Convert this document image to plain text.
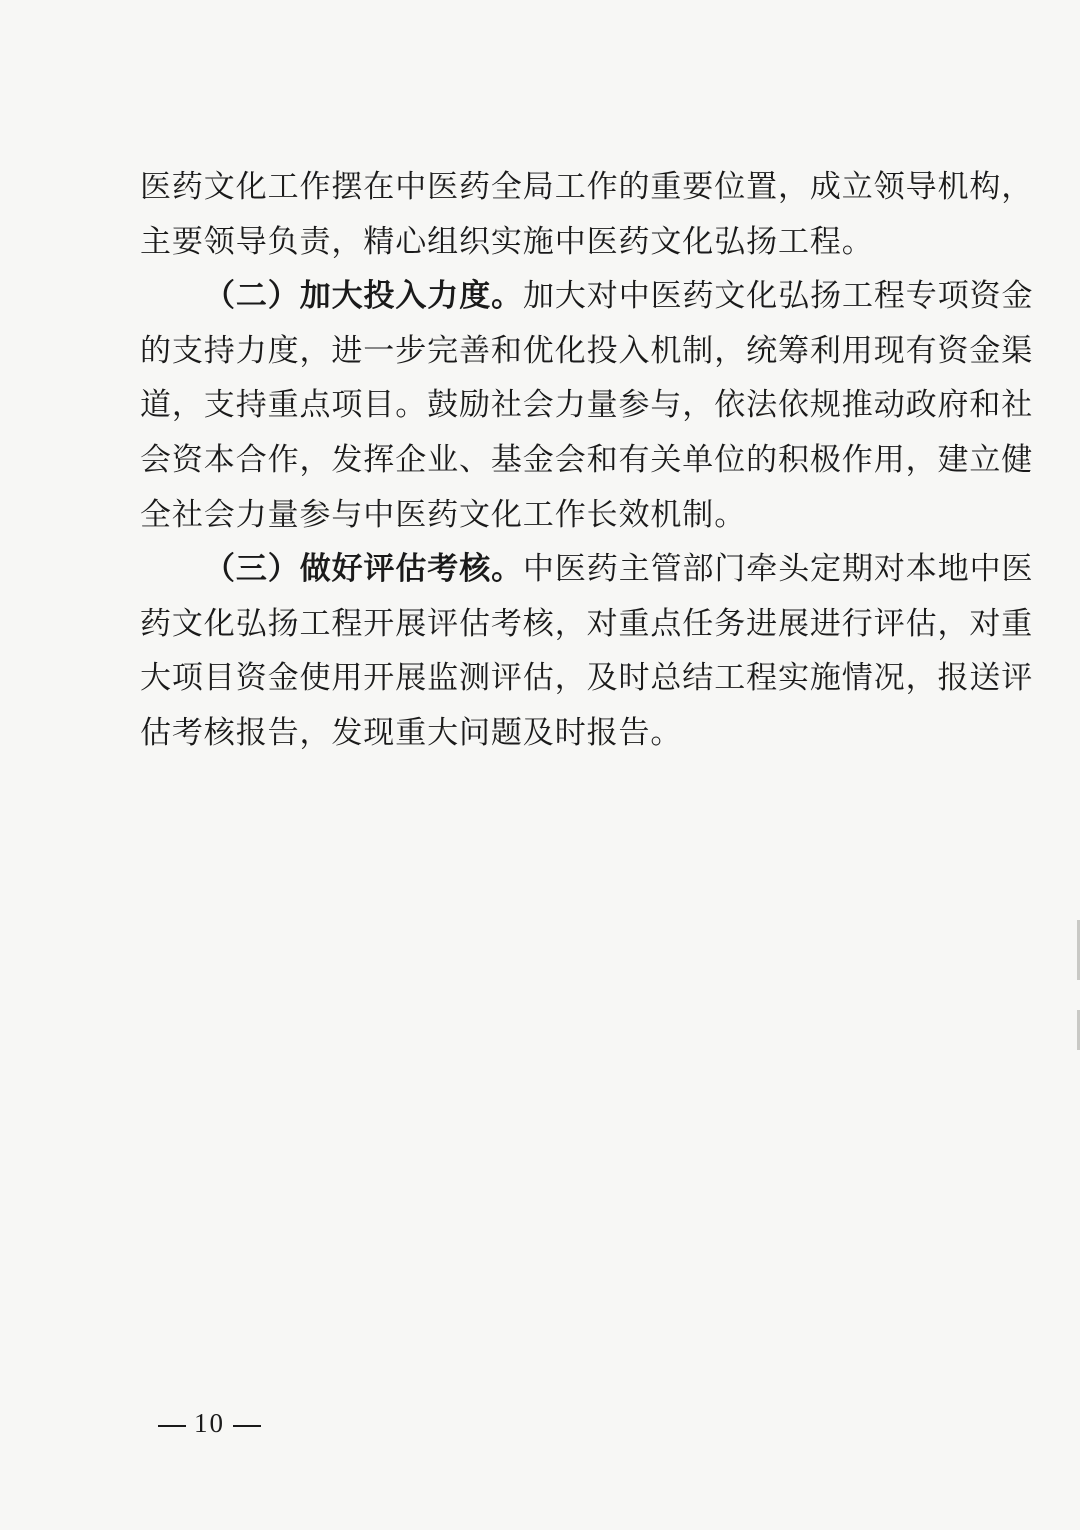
医药文化工作摆在中医药全局工作的重要位置，成立领导机构，
主要领导负责，精心组织实施中医药文化弘扬工程。

（二）加大投入力度。加大对中医药文化弘扬工程专项资金
的支持力度，进一步完善和优化投入机制，统筹利用现有资金渠
道，支持重点项目。鼓励社会力量参与，依法依规推动政府和社
会资本合作，发挥企业、基金会和有关单位的积极作用，建立健
全社会力量参与中医药文化工作长效机制。

（三）做好评估考核。中医药主管部门牵头定期对本地中医
药文化弘扬工程开展评估考核，对重点任务进展进行评估，对重
大项目资金使用开展监测评估，及时总结工程实施情况，报送评
估考核报告，发现重大问题及时报告。

10
